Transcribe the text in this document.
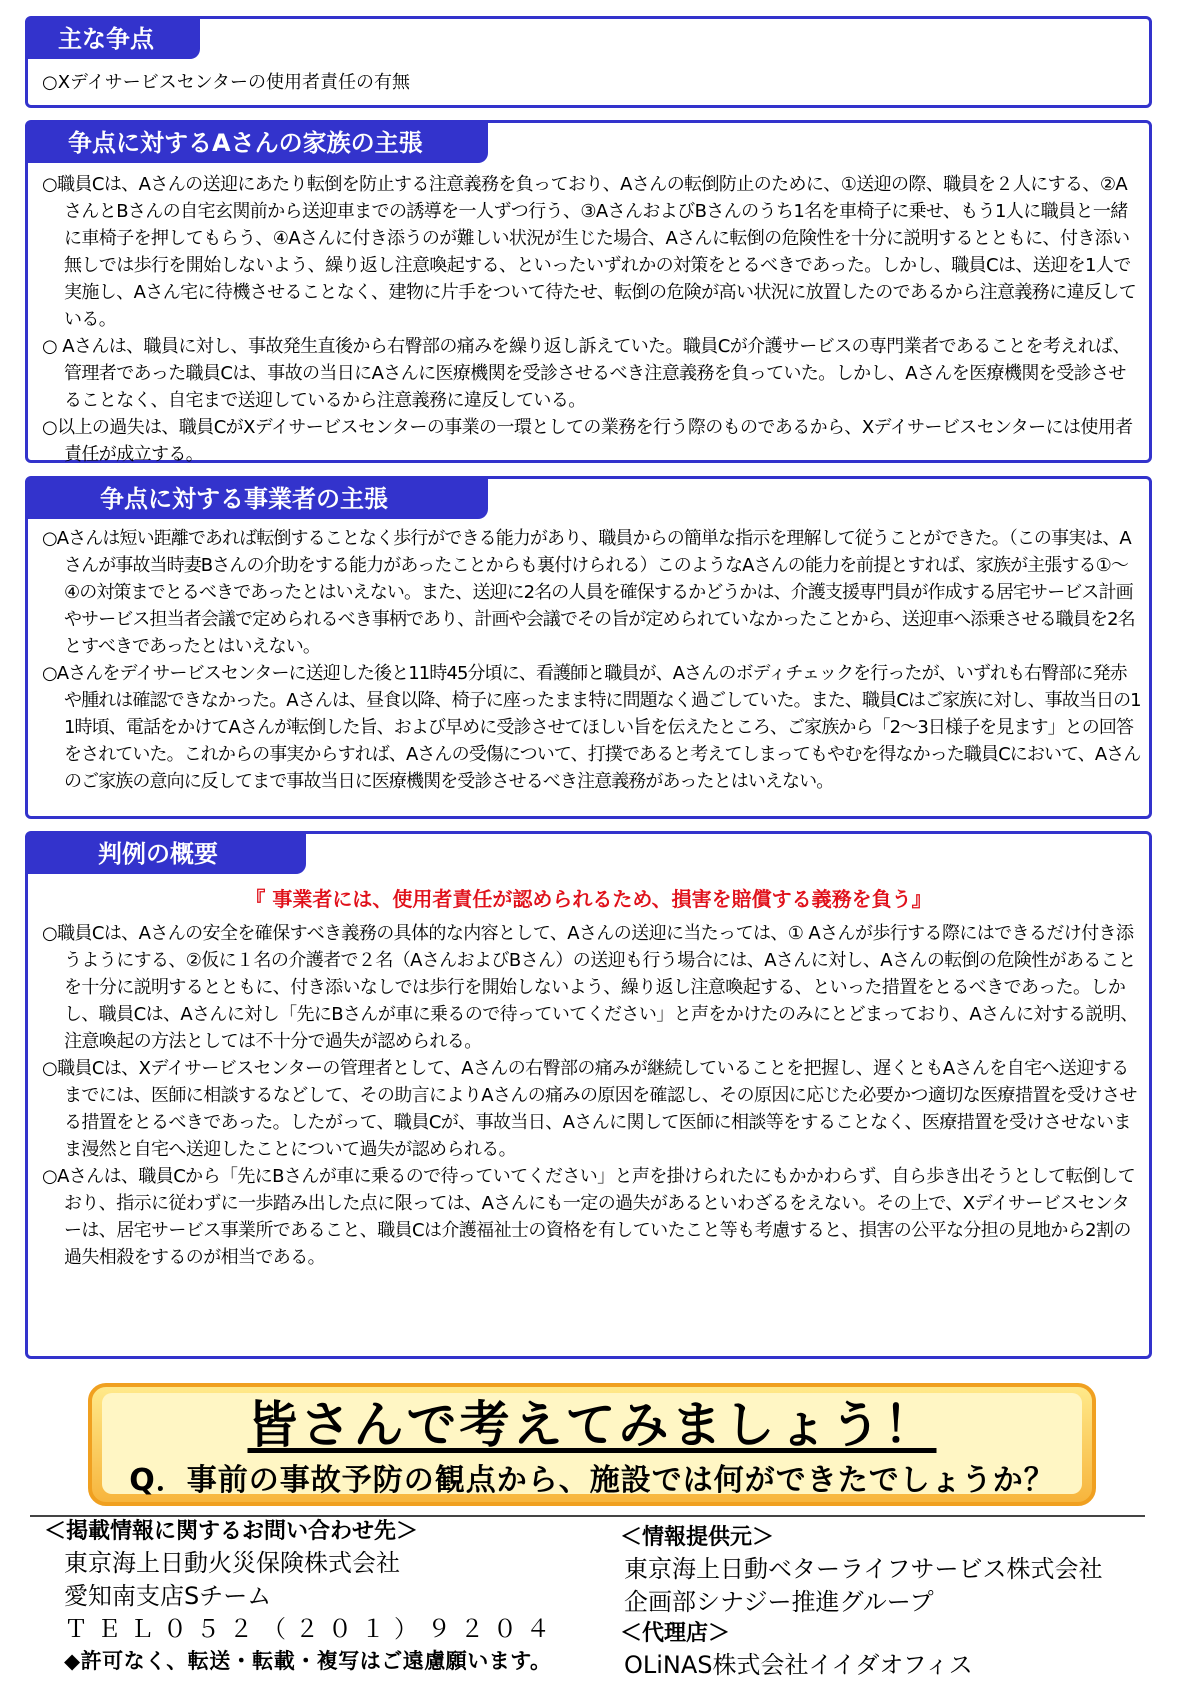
主な争点

○Xデイサービスセンターの使用者責任の有無

争点に対するAさんの家族の主張

○職員Cは、Aさんの送迎にあたり転倒を防止する注意義務を負っており、Aさんの転倒防止のために、①送迎の際、職員を２人にする、②AさんとBさんの自宅玄関前から送迎車までの誘導を一人ずつ行う、③AさんおよびBさんのうち1名を車椅子に乗せ、もう1人に職員と一緒に車椅子を押してもらう、④Aさんに付き添うのが難しい状況が生じた場合、Aさんに転倒の危険性を十分に説明するとともに、付き添い無しでは歩行を開始しないよう、繰り返し注意喚起する、といったいずれかの対策をとるべきであった。しかし、職員Cは、送迎を1人で実施し、Aさん宅に待機させることなく、建物に片手をついて待たせ、転倒の危険が高い状況に放置したのであるから注意義務に違反している。

○ Aさんは、職員に対し、事故発生直後から右臀部の痛みを繰り返し訴えていた。職員Cが介護サービスの専門業者であることを考えれば、管理者であった職員Cは、事故の当日にAさんに医療機関を受診させるべき注意義務を負っていた。しかし、Aさんを医療機関を受診させることなく、自宅まで送迎しているから注意義務に違反している。

○以上の過失は、職員CがXデイサービスセンターの事業の一環としての業務を行う際のものであるから、Xデイサービスセンターには使用者責任が成立する。

争点に対する事業者の主張

○Aさんは短い距離であれば転倒することなく歩行ができる能力があり、職員からの簡単な指示を理解して従うことができた。（この事実は、Aさんが事故当時妻Bさんの介助をする能力があったことからも裏付けられる）このようなAさんの能力を前提とすれば、家族が主張する①～④の対策までとるべきであったとはいえない。また、送迎に2名の人員を確保するかどうかは、介護支援専門員が作成する居宅サービス計画やサービス担当者会議で定められるべき事柄であり、計画や会議でその旨が定められていなかったことから、送迎車へ添乗させる職員を2名とすべきであったとはいえない。

○Aさんをデイサービスセンターに送迎した後と11時45分頃に、看護師と職員が、Aさんのボディチェックを行ったが、いずれも右臀部に発赤や腫れは確認できなかった。Aさんは、昼食以降、椅子に座ったまま特に問題なく過ごしていた。また、職員Cはご家族に対し、事故当日の11時頃、電話をかけてAさんが転倒した旨、および早めに受診させてほしい旨を伝えたところ、ご家族から「2～3日様子を見ます」との回答をされていた。これからの事実からすれば、Aさんの受傷について、打撲であると考えてしまってもやむを得なかった職員Cにおいて、Aさんのご家族の意向に反してまで事故当日に医療機関を受診させるべき注意義務があったとはいえない。

判例の概要

『 事業者には、使用者責任が認められるため、損害を賠償する義務を負う』

○職員Cは、Aさんの安全を確保すべき義務の具体的な内容として、Aさんの送迎に当たっては、① Aさんが歩行する際にはできるだけ付き添うようにする、②仮に１名の介護者で２名（AさんおよびBさん）の送迎も行う場合には、Aさんに対し、Aさんの転倒の危険性があることを十分に説明するとともに、付き添いなしでは歩行を開始しないよう、繰り返し注意喚起する、といった措置をとるべきであった。しかし、職員Cは、Aさんに対し「先にBさんが車に乗るので待っていてください」と声をかけたのみにとどまっており、Aさんに対する説明、注意喚起の方法としては不十分で過失が認められる。

○職員Cは、Xデイサービスセンターの管理者として、Aさんの右臀部の痛みが継続していることを把握し、遅くともAさんを自宅へ送迎するまでには、医師に相談するなどして、その助言によりAさんの痛みの原因を確認し、その原因に応じた必要かつ適切な医療措置を受けさせる措置をとるべきであった。したがって、職員Cが、事故当日、Aさんに関して医師に相談等をすることなく、医療措置を受けさせないまま漫然と自宅へ送迎したことについて過失が認められる。

○Aさんは、職員Cから「先にBさんが車に乗るので待っていてください」と声を掛けられたにもかかわらず、自ら歩き出そうとして転倒しており、指示に従わずに一歩踏み出した点に限っては、Aさんにも一定の過失があるといわざるをえない。その上で、Xデイサービスセンターは、居宅サービス事業所であること、職員Cは介護福祉士の資格を有していたこと等も考慮すると、損害の公平な分担の見地から2割の過失相殺をするのが相当である。

皆さんで考えてみましょう！
Q．事前の事故予防の観点から、施設では何ができたでしょうか？

＜掲載情報に関するお問い合わせ先＞

東京海上日動火災保険株式会社

愛知南支店Sチーム

ＴＥＬ０５２（２０１）９２０４

◆許可なく、転送・転載・複写はご遠慮願います。

＜情報提供元＞

東京海上日動ベターライフサービス株式会社

企画部シナジー推進グループ

＜代理店＞

OLiNAS株式会社イイダオフィス
